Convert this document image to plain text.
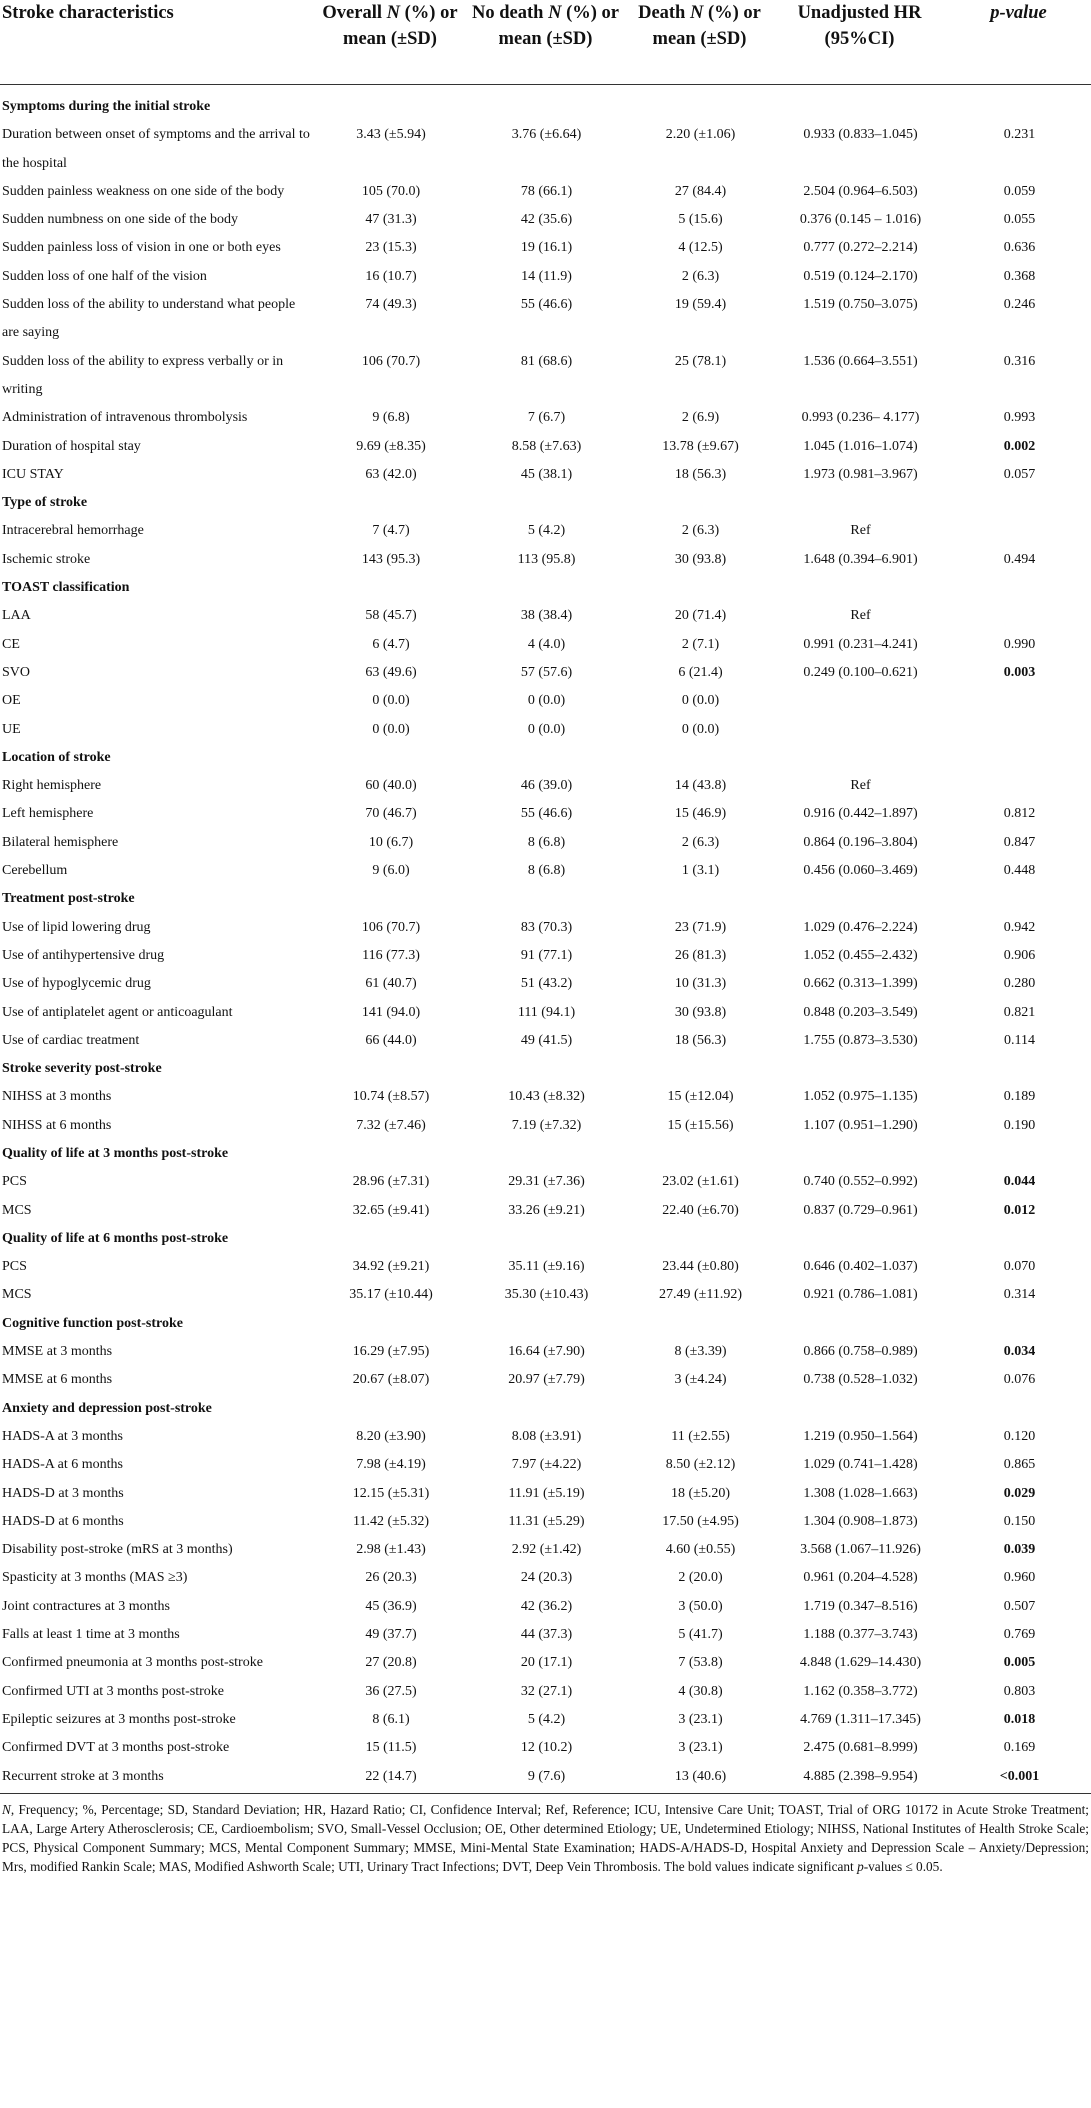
Stroke characteristics	Overall N (%) or mean (±SD)	No death N (%) or mean (±SD)	Death N (%) or mean (±SD)	Unadjusted HR (95%CI)	p-value

Symptoms during the initial stroke					
Duration between onset of symptoms and the arrival to the hospital	3.43 (±5.94)	3.76 (±6.64)	2.20 (±1.06)	0.933 (0.833–1.045)	0.231
Sudden painless weakness on one side of the body	105 (70.0)	78 (66.1)	27 (84.4)	2.504 (0.964–6.503)	0.059
Sudden numbness on one side of the body	47 (31.3)	42 (35.6)	5 (15.6)	0.376 (0.145 – 1.016)	0.055
Sudden painless loss of vision in one or both eyes	23 (15.3)	19 (16.1)	4 (12.5)	0.777 (0.272–2.214)	0.636
Sudden loss of one half of the vision	16 (10.7)	14 (11.9)	2 (6.3)	0.519 (0.124–2.170)	0.368
Sudden loss of the ability to understand what people are saying	74 (49.3)	55 (46.6)	19 (59.4)	1.519 (0.750–3.075)	0.246
Sudden loss of the ability to express verbally or in writing	106 (70.7)	81 (68.6)	25 (78.1)	1.536 (0.664–3.551)	0.316
Administration of intravenous thrombolysis	9 (6.8)	7 (6.7)	2 (6.9)	0.993 (0.236– 4.177)	0.993
Duration of hospital stay	9.69 (±8.35)	8.58 (±7.63)	13.78 (±9.67)	1.045 (1.016–1.074)	0.002
ICU STAY	63 (42.0)	45 (38.1)	18 (56.3)	1.973 (0.981–3.967)	0.057
Type of stroke					
Intracerebral hemorrhage	7 (4.7)	5 (4.2)	2 (6.3)	Ref	
Ischemic stroke	143 (95.3)	113 (95.8)	30 (93.8)	1.648 (0.394–6.901)	0.494
TOAST classification					
LAA	58 (45.7)	38 (38.4)	20 (71.4)	Ref	
CE	6 (4.7)	4 (4.0)	2 (7.1)	0.991 (0.231–4.241)	0.990
SVO	63 (49.6)	57 (57.6)	6 (21.4)	0.249 (0.100–0.621)	0.003
OE	0 (0.0)	0 (0.0)	0 (0.0)		
UE	0 (0.0)	0 (0.0)	0 (0.0)		
Location of stroke					
Right hemisphere	60 (40.0)	46 (39.0)	14 (43.8)	Ref	
Left hemisphere	70 (46.7)	55 (46.6)	15 (46.9)	0.916 (0.442–1.897)	0.812
Bilateral hemisphere	10 (6.7)	8 (6.8)	2 (6.3)	0.864 (0.196–3.804)	0.847
Cerebellum	9 (6.0)	8 (6.8)	1 (3.1)	0.456 (0.060–3.469)	0.448
Treatment post-stroke					
Use of lipid lowering drug	106 (70.7)	83 (70.3)	23 (71.9)	1.029 (0.476–2.224)	0.942
Use of antihypertensive drug	116 (77.3)	91 (77.1)	26 (81.3)	1.052 (0.455–2.432)	0.906
Use of hypoglycemic drug	61 (40.7)	51 (43.2)	10 (31.3)	0.662 (0.313–1.399)	0.280
Use of antiplatelet agent or anticoagulant	141 (94.0)	111 (94.1)	30 (93.8)	0.848 (0.203–3.549)	0.821
Use of cardiac treatment	66 (44.0)	49 (41.5)	18 (56.3)	1.755 (0.873–3.530)	0.114
Stroke severity post-stroke					
NIHSS at 3 months	10.74 (±8.57)	10.43 (±8.32)	15 (±12.04)	1.052 (0.975–1.135)	0.189
NIHSS at 6 months	7.32 (±7.46)	7.19 (±7.32)	15 (±15.56)	1.107 (0.951–1.290)	0.190
Quality of life at 3 months post-stroke					
PCS	28.96 (±7.31)	29.31 (±7.36)	23.02 (±1.61)	0.740 (0.552–0.992)	0.044
MCS	32.65 (±9.41)	33.26 (±9.21)	22.40 (±6.70)	0.837 (0.729–0.961)	0.012
Quality of life at 6 months post-stroke					
PCS	34.92 (±9.21)	35.11 (±9.16)	23.44 (±0.80)	0.646 (0.402–1.037)	0.070
MCS	35.17 (±10.44)	35.30 (±10.43)	27.49 (±11.92)	0.921 (0.786–1.081)	0.314
Cognitive function post-stroke					
MMSE at 3 months	16.29 (±7.95)	16.64 (±7.90)	8 (±3.39)	0.866 (0.758–0.989)	0.034
MMSE at 6 months	20.67 (±8.07)	20.97 (±7.79)	3 (±4.24)	0.738 (0.528–1.032)	0.076
Anxiety and depression post-stroke					
HADS-A at 3 months	8.20 (±3.90)	8.08 (±3.91)	11 (±2.55)	1.219 (0.950–1.564)	0.120
HADS-A at 6 months	7.98 (±4.19)	7.97 (±4.22)	8.50 (±2.12)	1.029 (0.741–1.428)	0.865
HADS-D at 3 months	12.15 (±5.31)	11.91 (±5.19)	18 (±5.20)	1.308 (1.028–1.663)	0.029
HADS-D at 6 months	11.42 (±5.32)	11.31 (±5.29)	17.50 (±4.95)	1.304 (0.908–1.873)	0.150
Disability post-stroke (mRS at 3 months)	2.98 (±1.43)	2.92 (±1.42)	4.60 (±0.55)	3.568 (1.067–11.926)	0.039
Spasticity at 3 months (MAS ≥3)	26 (20.3)	24 (20.3)	2 (20.0)	0.961 (0.204–4.528)	0.960
Joint contractures at 3 months	45 (36.9)	42 (36.2)	3 (50.0)	1.719 (0.347–8.516)	0.507
Falls at least 1 time at 3 months	49 (37.7)	44 (37.3)	5 (41.7)	1.188 (0.377–3.743)	0.769
Confirmed pneumonia at 3 months post-stroke	27 (20.8)	20 (17.1)	7 (53.8)	4.848 (1.629–14.430)	0.005
Confirmed UTI at 3 months post-stroke	36 (27.5)	32 (27.1)	4 (30.8)	1.162 (0.358–3.772)	0.803
Epileptic seizures at 3 months post-stroke	8 (6.1)	5 (4.2)	3 (23.1)	4.769 (1.311–17.345)	0.018
Confirmed DVT at 3 months post-stroke	15 (11.5)	12 (10.2)	3 (23.1)	2.475 (0.681–8.999)	0.169
Recurrent stroke at 3 months	22 (14.7)	9 (7.6)	13 (40.6)	4.885 (2.398–9.954)	<0.001
N, Frequency; %, Percentage; SD, Standard Deviation; HR, Hazard Ratio; CI, Confidence Interval; Ref, Reference; ICU, Intensive Care Unit; TOAST, Trial of ORG 10172 in Acute Stroke Treatment; LAA, Large Artery Atherosclerosis; CE, Cardioembolism; SVO, Small-Vessel Occlusion; OE, Other determined Etiology; UE, Undetermined Etiology; NIHSS, National Institutes of Health Stroke Scale; PCS, Physical Component Summary; MCS, Mental Component Summary; MMSE, Mini-Mental State Examination; HADS-A/HADS-D, Hospital Anxiety and Depression Scale – Anxiety/Depression; Mrs, modified Rankin Scale; MAS, Modified Ashworth Scale; UTI, Urinary Tract Infections; DVT, Deep Vein Thrombosis. The bold values indicate significant p-values ≤ 0.05.
